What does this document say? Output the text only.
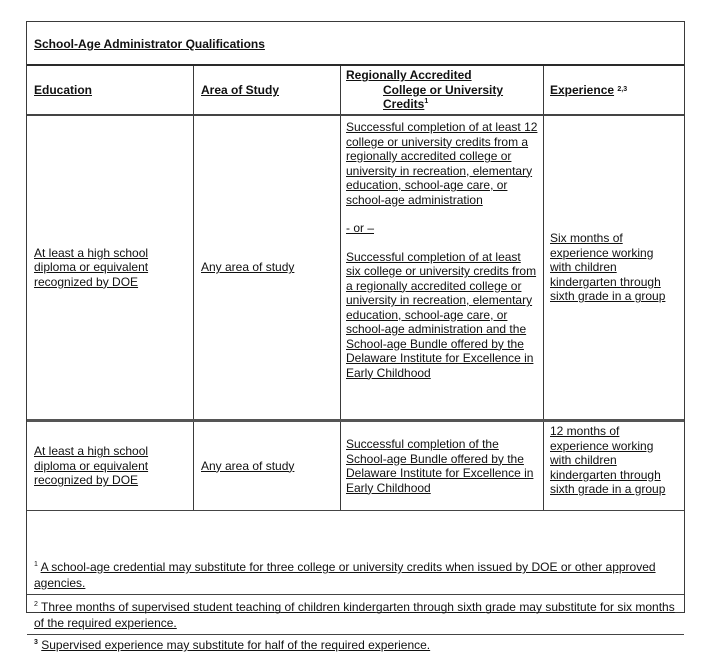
School-Age Administrator Qualifications
Education	Area of Study
Regionally Accredited
College or University
Credits$^1$
Experience
2,3
At least a high school diploma or equivalent recognized by DOE
Any area of study

Successful completion of at least 12 college or university credits from a regionally accredited college or university in recreation, elementary education, school-age care, or school-age administration

- or –

Successful completion of at least six college or university credits from a regionally accredited college or university in recreation, elementary education, school-age care, or school-age administration and the School-age Bundle offered by the Delaware Institute for Excellence in Early Childhood

Six months of experience working with children kindergarten through sixth grade in a group
At least a high school diploma or equivalent recognized by DOE
Any area of study
Successful completion of the School-age Bundle offered by the Delaware Institute for Excellence in Early Childhood
12 months of experience working with children kindergarten through sixth grade in a group
$^1$ A school-age credential may substitute for three college or university credits when issued by DOE or other approved agencies.
$^2$ Three months of supervised student teaching of children kindergarten through sixth grade may substitute for six months of the required experience.
$^3$ Supervised experience may substitute for half of the required experience.
